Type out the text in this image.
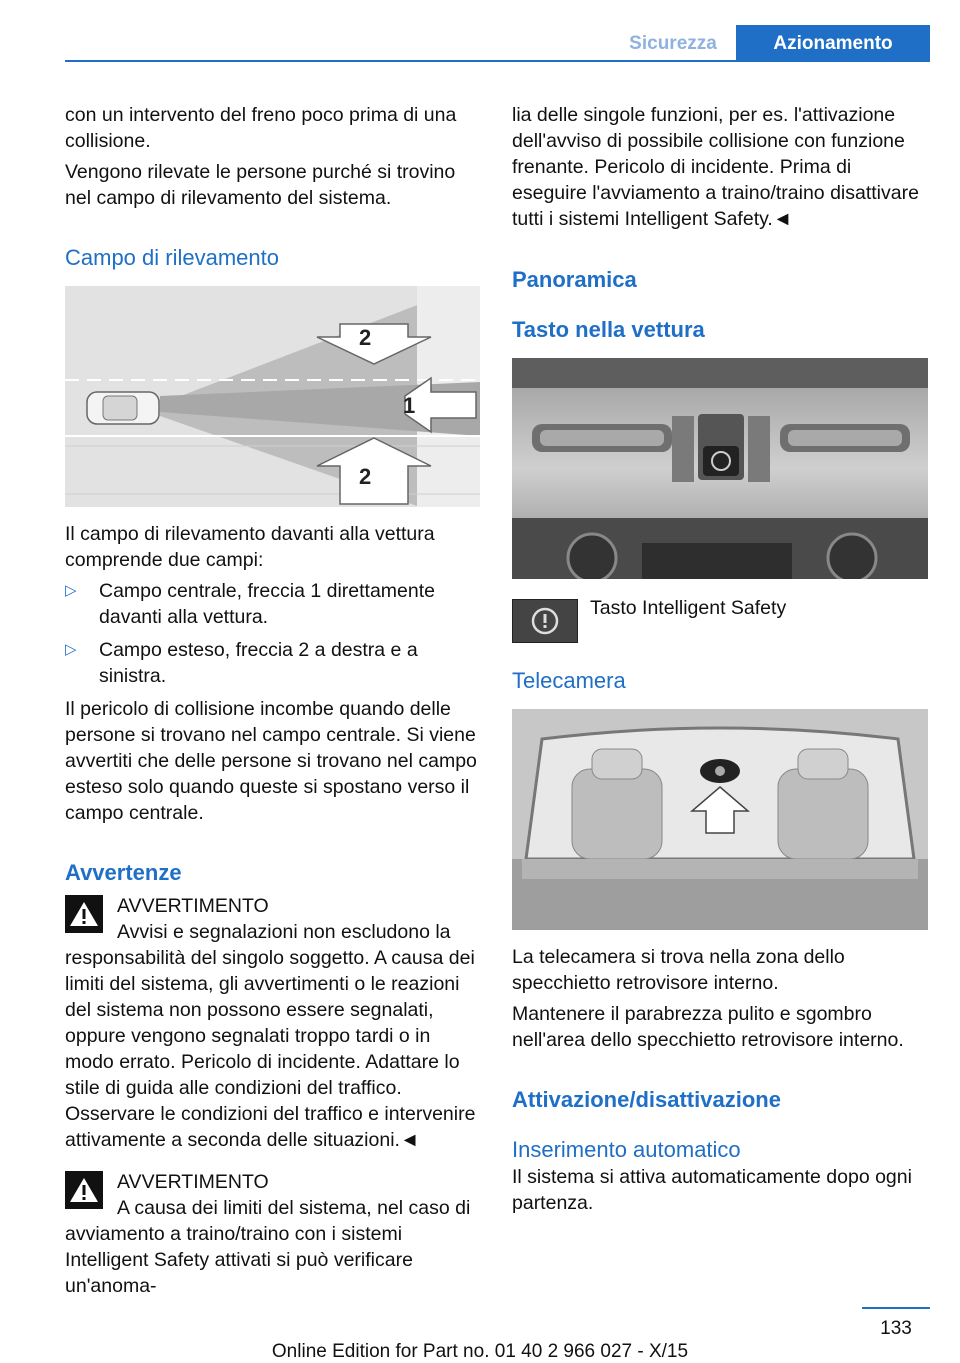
Sicurezza	Azionamento

con un intervento del freno poco prima di una collisione.

Vengono rilevate le persone purché si trovino nel campo di rilevamento del sistema.

Campo di rilevamento
2
1
2

Il campo di rilevamento davanti alla vettura comprende due campi:

▷ Campo centrale, freccia 1 direttamente davanti alla vettura.
▷ Campo esteso, freccia 2 a destra e a sinistra.

Il pericolo di collisione incombe quando delle persone si trovano nel campo centrale. Si viene avvertiti che delle persone si trovano nel campo esteso solo quando queste si spostano verso il campo centrale.

Avvertenze
AVVERTIMENTO
Avvisi e segnalazioni non escludono la responsabilità del singolo soggetto. A causa dei limiti del sistema, gli avvertimenti o le reazioni del sistema non possono essere segnalati, oppure vengono segnalati troppo tardi o in modo errato. Pericolo di incidente. Adattare lo stile di guida alle condizioni del traffico. Osservare le condizioni del traffico e intervenire attivamente a seconda delle situazioni.◄
AVVERTIMENTO
A causa dei limiti del sistema, nel caso di avviamento a traino/traino con i sistemi Intelligent Safety attivati si può verificare un'anoma-

lia delle singole funzioni, per es. l'attivazione dell'avviso di possibile collisione con funzione frenante. Pericolo di incidente. Prima di eseguire l'avviamento a traino/traino disattivare tutti i sistemi Intelligent Safety.◄

Panoramica
Tasto nella vettura

Tasto Intelligent Safety

Telecamera

La telecamera si trova nella zona dello specchietto retrovisore interno.

Mantenere il parabrezza pulito e sgombro nell'area dello specchietto retrovisore interno.

Attivazione/disattivazione
Inserimento automatico

Il sistema si attiva automaticamente dopo ogni partenza.

133
Online Edition for Part no. 01 40 2 966 027 - X/15
